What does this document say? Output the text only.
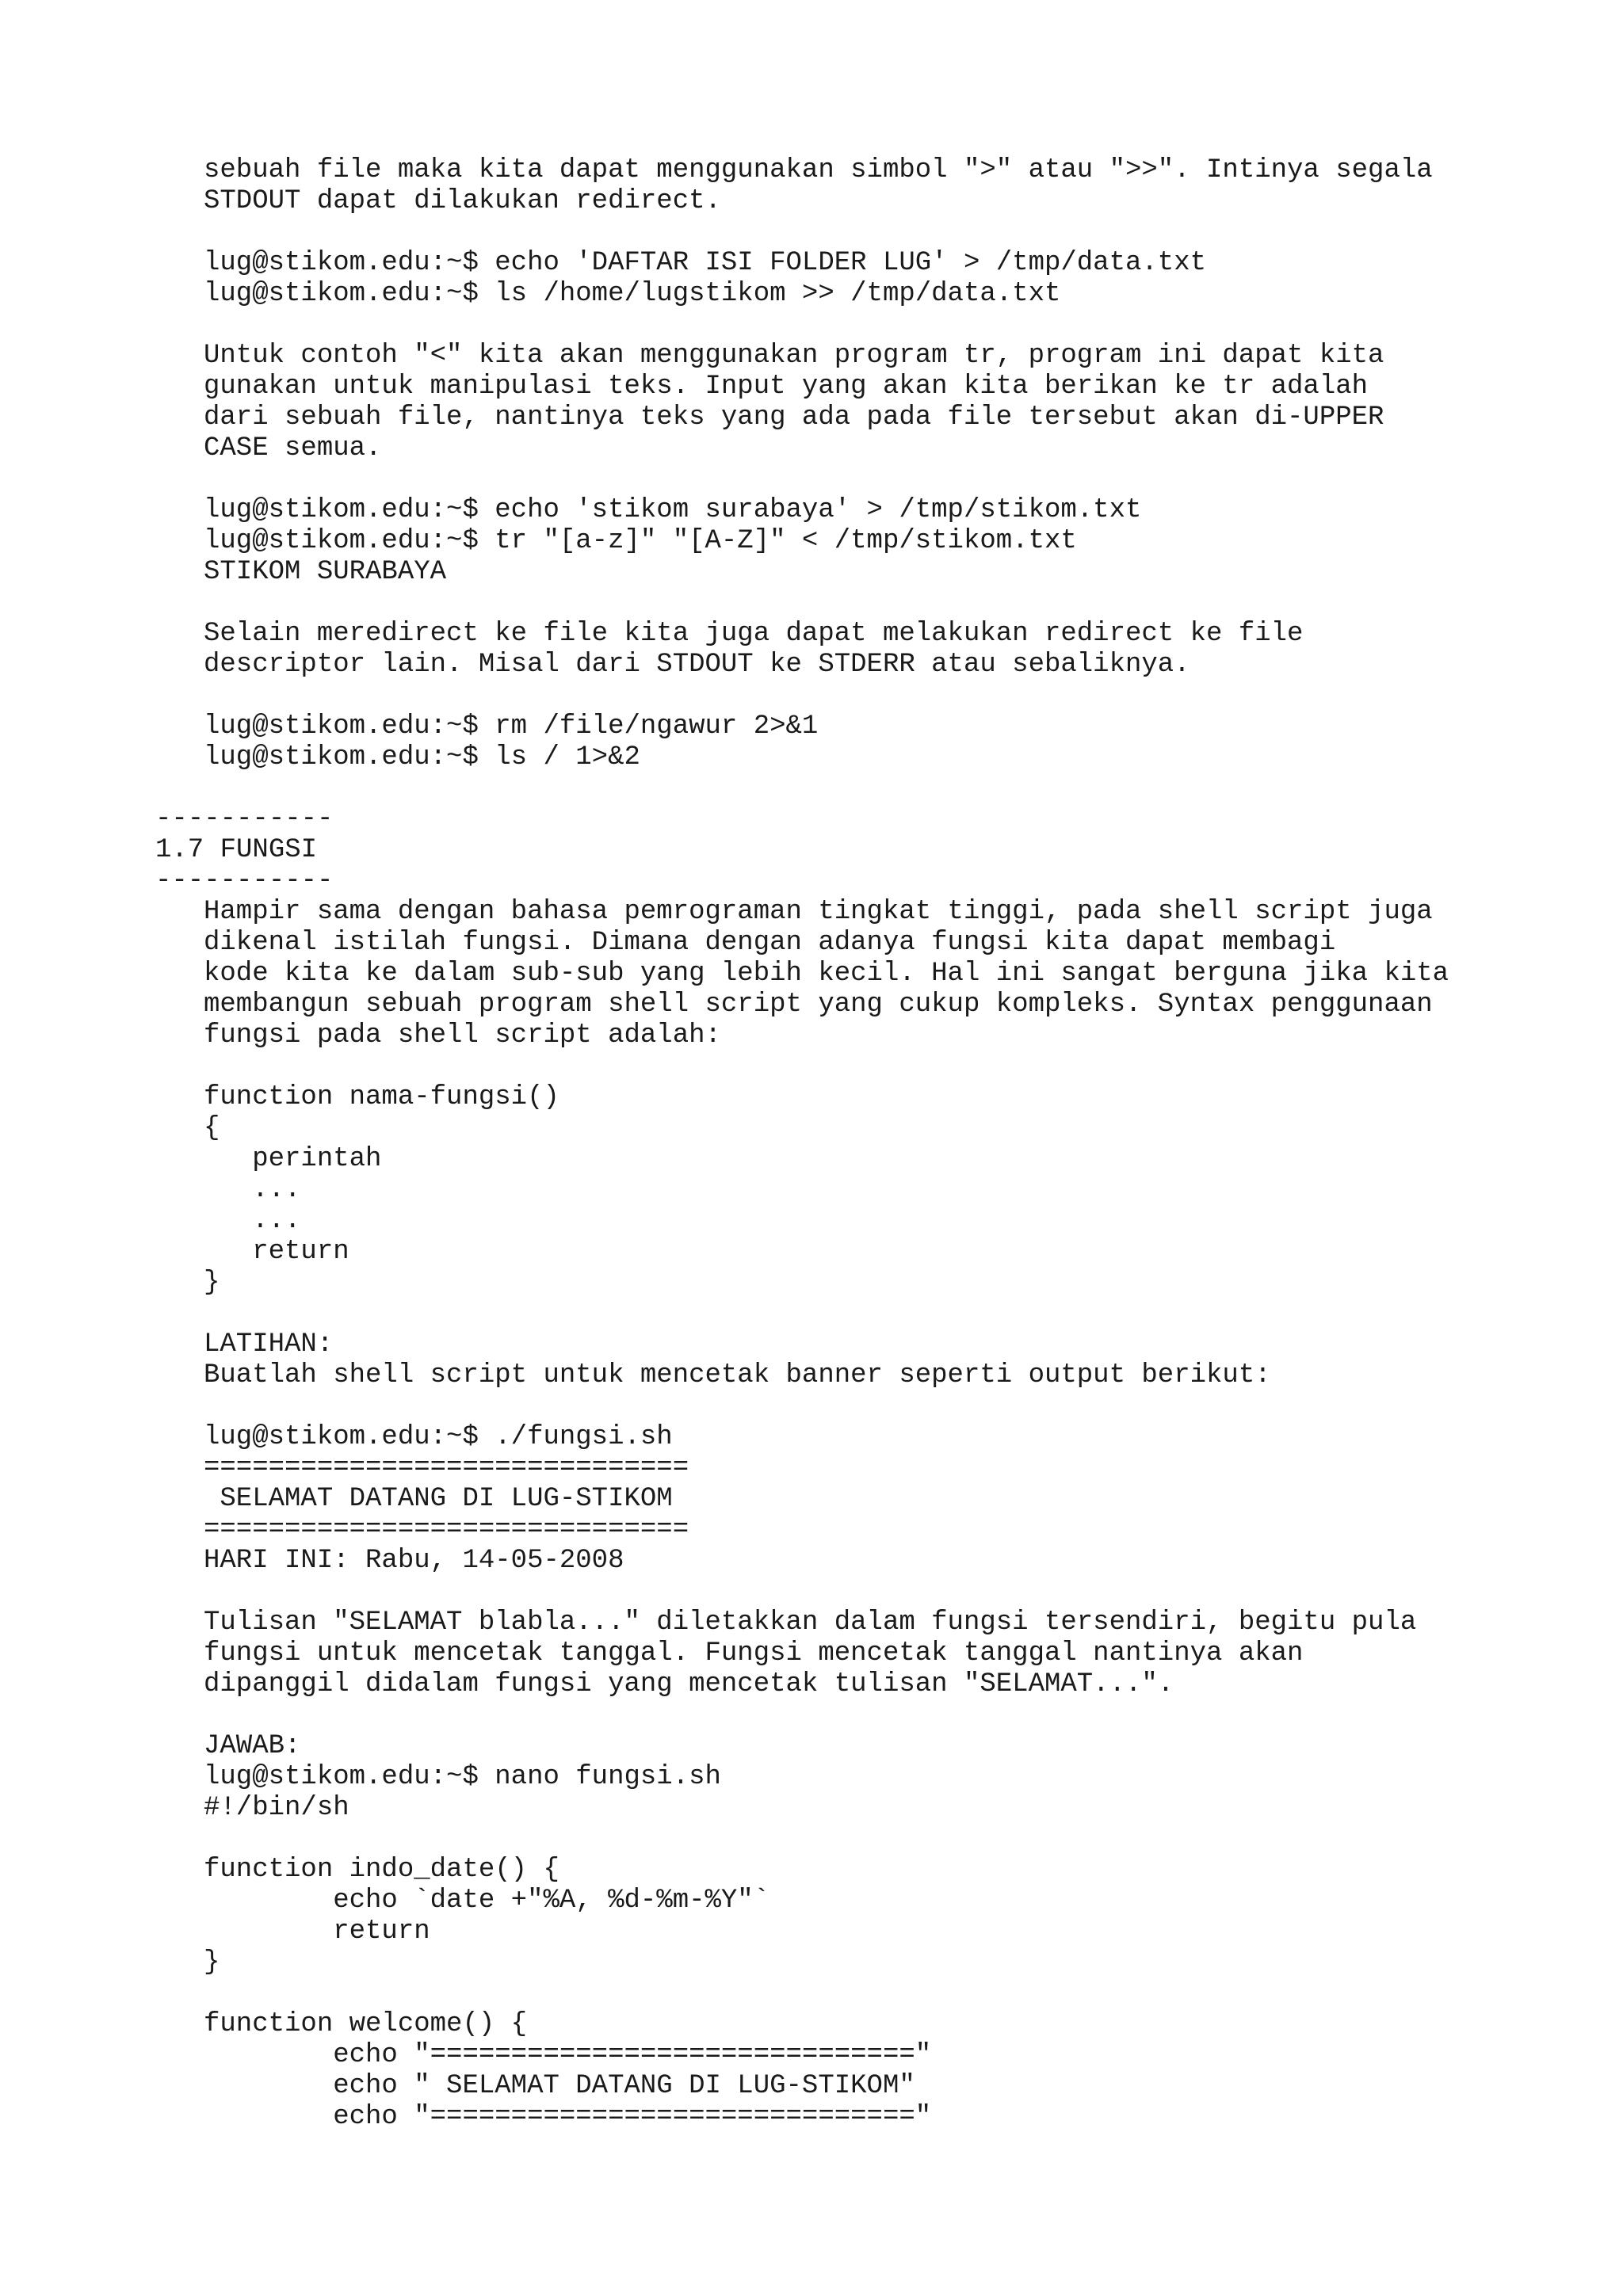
sebuah file maka kita dapat menggunakan simbol ">" atau ">>". Intinya segala
STDOUT dapat dilakukan redirect.
lug@stikom.edu:~$ echo 'DAFTAR ISI FOLDER LUG' > /tmp/data.txt
lug@stikom.edu:~$ ls /home/lugstikom >> /tmp/data.txt
Untuk contoh "<" kita akan menggunakan program tr, program ini dapat kita
gunakan untuk manipulasi teks. Input yang akan kita berikan ke tr adalah
dari sebuah file, nantinya teks yang ada pada file tersebut akan di-UPPER
CASE semua.
lug@stikom.edu:~$ echo 'stikom surabaya' > /tmp/stikom.txt
lug@stikom.edu:~$ tr "[a-z]" "[A-Z]" < /tmp/stikom.txt
STIKOM SURABAYA
Selain meredirect ke file kita juga dapat melakukan redirect ke file
descriptor lain. Misal dari STDOUT ke STDERR atau sebaliknya.
lug@stikom.edu:~$ rm /file/ngawur 2>&1
lug@stikom.edu:~$ ls / 1>&2
-----------
1.7 FUNGSI
-----------
Hampir sama dengan bahasa pemrograman tingkat tinggi, pada shell script juga
dikenal istilah fungsi. Dimana dengan adanya fungsi kita dapat membagi
kode kita ke dalam sub-sub yang lebih kecil. Hal ini sangat berguna jika kita
membangun sebuah program shell script yang cukup kompleks. Syntax penggunaan
fungsi pada shell script adalah:
function nama-fungsi()
{
perintah
...
...
return
}
LATIHAN:
Buatlah shell script untuk mencetak banner seperti output berikut:
lug@stikom.edu:~$ ./fungsi.sh
==============================
SELAMAT DATANG DI LUG-STIKOM
==============================
HARI INI: Rabu, 14-05-2008
Tulisan "SELAMAT blabla..." diletakkan dalam fungsi tersendiri, begitu pula
fungsi untuk mencetak tanggal. Fungsi mencetak tanggal nantinya akan
dipanggil didalam fungsi yang mencetak tulisan "SELAMAT...".
JAWAB:
lug@stikom.edu:~$ nano fungsi.sh
#!/bin/sh
function indo_date() {
echo `date +"%A, %d-%m-%Y"`
return
}
function welcome() {
echo "=============================="
echo " SELAMAT DATANG DI LUG-STIKOM"
echo "=============================="
